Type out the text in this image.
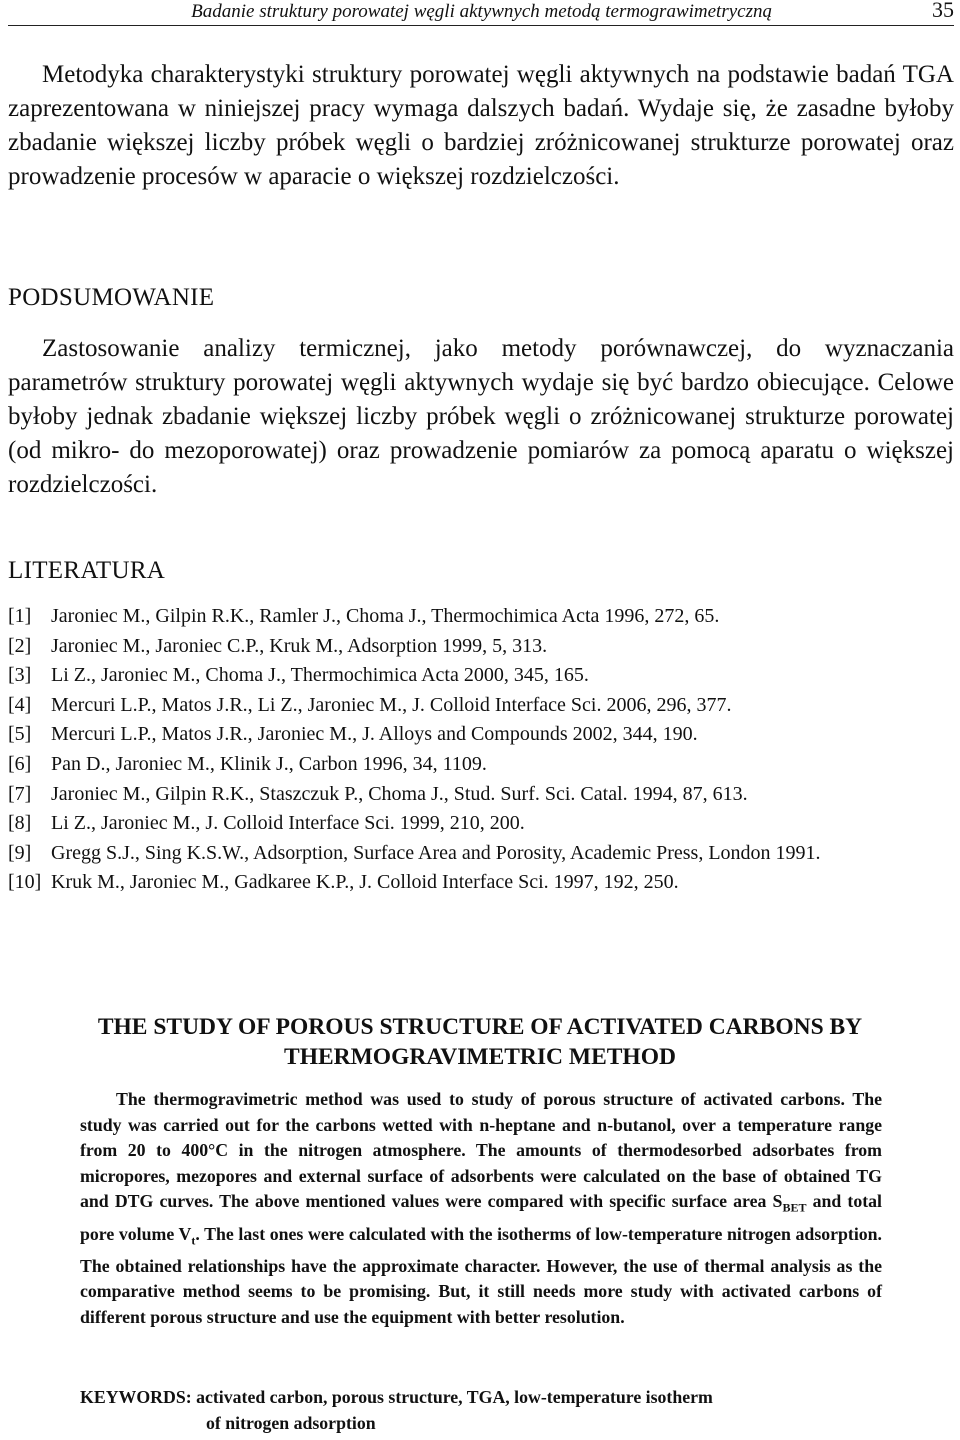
Badanie struktury porowatej węgli aktywnych metodą termograwimetryczną	35

Metodyka charakterystyki struktury porowatej węgli aktywnych na podstawie badań TGA zaprezentowana w niniejszej pracy wymaga dalszych badań. Wydaje się, że zasadne byłoby zbadanie większej liczby próbek węgli o bardziej zróżnicowanej strukturze porowatej oraz prowadzenie procesów w aparacie o większej rozdzielczości.

PODSUMOWANIE

Zastosowanie analizy termicznej, jako metody porównawczej, do wyznaczania parametrów struktury porowatej węgli aktywnych wydaje się być bardzo obiecujące. Celowe byłoby jednak zbadanie większej liczby próbek węgli o zróżnicowanej strukturze porowatej (od mikro- do mezoporowatej) oraz prowadzenie pomiarów za pomocą aparatu o większej rozdzielczości.

LITERATURA
[1] Jaroniec M., Gilpin R.K., Ramler J., Choma J., Thermochimica Acta 1996, 272, 65.
[2] Jaroniec M., Jaroniec C.P., Kruk M., Adsorption 1999, 5, 313.
[3] Li Z., Jaroniec M., Choma J., Thermochimica Acta 2000, 345, 165.
[4] Mercuri L.P., Matos J.R., Li Z., Jaroniec M., J. Colloid Interface Sci. 2006, 296, 377.
[5] Mercuri L.P., Matos J.R., Jaroniec M., J. Alloys and Compounds 2002, 344, 190.
[6] Pan D., Jaroniec M., Klinik J., Carbon 1996, 34, 1109.
[7] Jaroniec M., Gilpin R.K., Staszczuk P., Choma J., Stud. Surf. Sci. Catal. 1994, 87, 613.
[8] Li Z., Jaroniec M., J. Colloid Interface Sci. 1999, 210, 200.
[9] Gregg S.J., Sing K.S.W., Adsorption, Surface Area and Porosity, Academic Press, London 1991.
[10] Kruk M., Jaroniec M., Gadkaree K.P., J. Colloid Interface Sci. 1997, 192, 250.
THE STUDY OF POROUS STRUCTURE OF ACTIVATED CARBONS BY
THERMOGRAVIMETRIC METHOD

The thermogravimetric method was used to study of porous structure of activated carbons. The study was carried out for the carbons wetted with n-heptane and n-butanol, over a temperature range from 20 to 400°C in the nitrogen atmosphere. The amounts of thermodesorbed adsorbates from micropores, mezopores and external surface of adsorbents were calculated on the base of obtained TG and DTG curves. The above mentioned values were compared with specific surface area $S_{BET}$ and total pore volume $V_t$. The last ones were calculated with the isotherms of low-temperature nitrogen adsorption. The obtained relationships have the approximate character. However, the use of thermal analysis as the comparative method seems to be promising. But, it still needs more study with activated carbons of different porous structure and use the equipment with better resolution.

KEYWORDS: activated carbon, porous structure, TGA, low-temperature isotherm
of nitrogen adsorption
